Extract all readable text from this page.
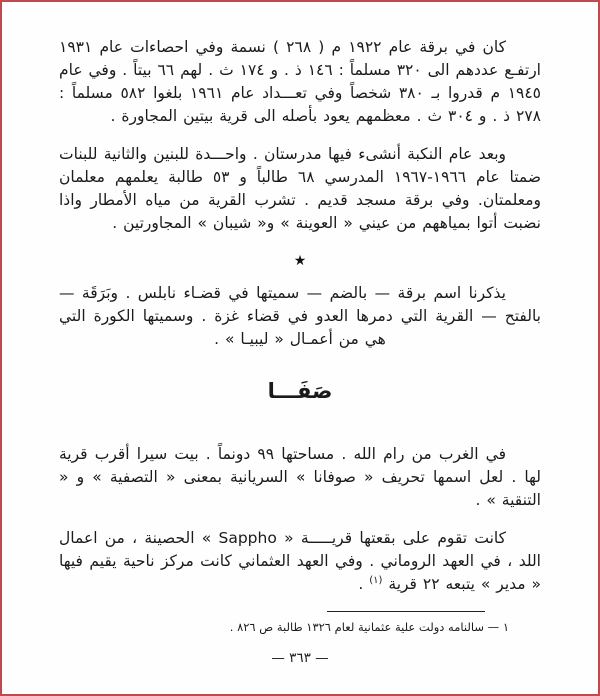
كان في برقة عام ١٩٢٢ م ( ٢٦٨ ) نسمة وفي احصاءات عام ١٩٣١ ارتفـع عددهم الى ٣٢٠ مسلماً : ١٤٦ ذ . و ١٧٤ ث . لهم ٦٦ بيتاً . وفي عام ١٩٤٥ م قدروا بـ ٣٨٠ شخصاً وفي تعـــداد عام ١٩٦١ بلغوا ٥٨٢ مسلماً : ٢٧٨ ذ . و ٣٠٤ ث . معظمهم يعود بأصله الى قرية بيتين المجاورة .

وبعد عام النكبة أنشىء فيها مدرستان . واحـــدة للبنين والثانية للبنات ضمتا عام ١٩٦٦-١٩٦٧ المدرسي ٦٨ طالباً و ٥٣ طالبة يعلمهم معلمان ومعلمتان. وفي برقة مسجد قديم . تشرب القرية من مياه الأمطار واذا نضبت أتوا بمياههم من عيني « العوينة » و« شيبان » المجاورتين .

★

يذكرنا اسم برقة — بالضم — سميتها في قضـاء نابلس . وبَرَقَة — بالفتح — القرية التي دمرها العدو في قضاء غزة . وسميتها الكورة التي هي من أعمـال « ليبيـا » .

صَفَـــا

في الغرب من رام الله . مساحتها ٩٩ دونماً . بيت سيرا أقرب قرية لها . لعل اسمها تحريف « صوفانا » السريانية بمعنى « التصفية » و « التنقية » .

كانت تقوم على بقعتها قريـــــة « Sappho » الحصينة ، من اعمال اللد ، في العهد الروماني . وفي العهد العثماني كانت مركز ناحية يقيم فيها « مدير » يتبعه ٢٢ قرية $^{(١)}$ .

١ — سالنامه دولت علية عثمانية لعام ١٣٢٦ طالبة ص ٨٢٦ .
— ٣٦٣ —
